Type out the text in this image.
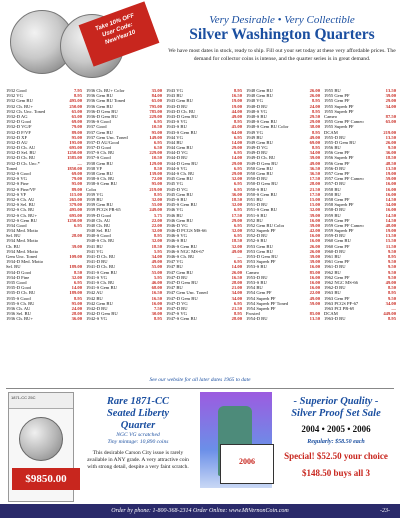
Take 10% OFF
User Code:
NewYear10
Very Desirable • Very Collectible
Silver Washington Quarters
We have most dates in stock, ready to ship. Fill out your set today at these very affordable prices. The demand for collector coins is intense, and the quarter series is in great demand.
1932 Good	7.95
1932 VG	8.95
1932 Gem BU	495.00
1932 Ch. BU+	250.00
1932 Ch. Unc. Toned	65.00
1932-D AG	65.00
1932-D Good	69.00
1932-D VG/F	79.00
1932-D F/VF	89.00
1932-D XF	95.00
1932-D AU	195.00
1932-D Ch. AU	695.00
1932-D Sel. BU	1250.00
1932-D Ch. BU	1585.00
1932-D Ch. Unc.*	—
Toned	1850.00
1932-S Good	69.00
1932-S VG	79.00
1932-S Fine	95.00
1932-S Fine/VF	89.00
1932-S VF	115.00
1932-S Ch. AU	265.00
1932-S Sel. BU	379.00
1932-S Ch. BU	495.00
1932-S Ch. BU+	695.00
1932-S Gem BU	1250.00
1934 Good	6.95
1934 Med. Motto
Sel. BU	28.00
1934 Med. Motto
Ch. BU	39.00
1934 Med. Motto
Gem Unc. Toned	109.00
1934-D Med. Motto
Sel. BU	189.00
1934-D Good	8.50
1934-D Fine	32.00
1935 Good	6.95
1935-D Good	14.00
1935-D Ch. BU	189.00
1935-S Good	8.95
1935-S Ch. BU	95.00
1936 Ch. AU	24.00
1936 Sel. BU	28.00
1936 Ch. BU+	36.00
1936 Ch. BU+ Color	35.00
1936 Gem BU	84.00
1936 Gem BU Toned	65.00
1936 Gem BU	795.00
1936-D Gem BU	785.00
1936-D Gem BU	229.00
1936-S Good	6.95
1937 Good	10.50
1937 Gem BU	95.00
1937 Gem Unc. Toned	149.00
1937-D AU/Good	6.95
1937-D Good	6.50
1937-S Ch. BU	229.00
1937-S Good	10.50
1938 Gem BU	129.00
1938 VF	8.50
1938 Gem BU	139.00
1938-S Ch. BU	72.00
1938-S Gem BU	95.00
Color	219.00
1939 VG	8.95
1939 BU	32.00
1939 Gem BU	55.00
1939 PCGS PR-65	249.00
1939-D Good	5.75
1940 Ch. AU	22.00
1940 Ch. BU	22.00
1940 Sel. BU	32.00
1940-S Good	8.95
1940-S Ch. BU	32.00
1941 BU	18.50
1941 VG	5.95
1941-D Ch. BU	34.00
1941-D BU	49.00
1941-D Ch. BU	55.00
1941-S Gem BU	55.00
1941-S VG	5.95
1941-S Ch. BU	46.00
1941-S Gem BU	68.00
1942 AU	16.50
1942 BU	16.50
1942 Gem BU	16.00
1942-D BU	7.50
1942-D Gem BU	30.00
1942-S VG	8.95
1943 VG	8.95
1943 BU	16.50
1943 Gem BU	19.00
1943-D BU	19.00
1943-D Ch. BU	44.00
1943-D Gem BU	49.00
1943-S VG	8.95
1943-S BU	45.00
1943-S Gem BU	64.00
1944 VG	6.95
1944 BU	14.00
1944 Gem BU	29.00
1944-D VG	6.95
1944-D BU	14.00
1944-D Gem BU	29.00
1944-S VG	6.95
1944-S Ch. BU	29.00
1945 Gem BU	32.00
1945 VG	6.95
1945-D VG	6.95
1945 Gem BU	36.00
1945-S BU	18.50
1945-S Gem BU	32.00
1946 VG	6.95
1946 BU	17.50
1946 Gem BU	29.00
1946-D VG	6.95
1946-D PCGS MS-66	32.00
1946-S VG	6.95
1946-S BU	18.50
1946-S Gem BU	32.00
1946-S NGC MS-67	49.00
1946-S Ch. BU	—
1947 VG	6.95
1947 BU	14.00
1947 Gem BU	26.00
1947-D BU	16.50
1947-D Gem BU	28.00
1947 BU	21.00
1947 Gem Unc. Toned	34.00
1947-D Gem BU	34.00
1947-D VG	6.95
1947-D BU	21.50
1947-S VG	8.95
1947-S Gem BU	28.00
1948 Gem BU	26.00
1948 Gem BU	26.00
1948 VG	8.95
1948-D BU	24.00
1948-S VG	8.95
1948-S BU	29.50
1948-S Gem BU	29.00
1948-S Gem BU Color	38.00
1949 VG	8.95
1949 BU	49.00
1949 Gem BU	69.00
1949-D VG	8.95
1949-D BU	34.00
1949-D Ch. BU	39.00
1949-D Gem BU	49.00
1950 Gem BU	36.50
1950 Gem BU	36.50
1950-D BU	17.50
1950-D Gem BU	28.00
1950-S BU	21.50
1950-S Gem BU	17.50
1951 BU	15.00
1951-D BU	15.00
1951-S Gem BU	32.00
1951-S BU	39.00
1952 BU	16.00
1952 Gem BU Color	39.00
1952 Superb PF	42.00
1952-D BU	16.00
1952-S BU	16.00
1953 Gem BU	26.00
1953 Gem BU	26.00
1953-D Gem BU	39.00
1953 Superb PF	39.00
1953-S BU	16.00
Cameo	85.00
1953-D BU	16.00
1953-S BU	16.00
1954 BU	16.00
1954 Gem PF	22.00
1954 Superb PF	49.00
1954 Superb PF Toned	59.00
1954 Superb PF
Frosted	85.00
1954-D BU	13.50
1955 BU	13.50
1955 Gem PF	39.00
1955 Gem PF	29.00
1955 Superb PF	34.00
1955 Superb PF
Cameo	87.50
1955 Gem PF Cameo	65.00
1955 Superb PF
DCAM	219.00
1955-D BU	13.50
1955-D Gem BU	26.00
1956 BU	9.50
1956 Gem PF	36.00
1956 Superb PF	18.50
1956 Gem PF	48.50
1956-D BU	13.50
1957 Gem PF	19.00
1957 Gem PF Cameo	59.00
1957-D BU	16.00
1958 BU	16.00
1958 BU	16.00
1958 Gem PF	14.50
1958 Superb PF	34.00
1958-D BU	16.00
1959 BU	14.50
1959 Gem PF	14.50
1959 Gem PF Cameo	48.00
1959 Superb PF	19.00
1959-D BU	13.50
1960 Gem BU	15.50
1960 Gem PF	11.50
1960-D BU	9.50
1961 BU	8.95
1961 Gem PF	9.50
1961-D BU	9.50
1962 BU	9.50
1962 Gem PF	9.50
1962 NGC MS-66	49.00
1962-D BU	8.50
1963 BU	8.95
1963 Gem PF	9.50
1963 PCGS PF-67	34.00
1963 PCI PR-69	—
DCAM	449.00
1963-D BU	8.95
See our website for all later dates 1965 to date
1871-CC 25C
$9850.00
Rare 1871-CC
Seated Liberty
Quarter
NGC VG scratched
Tiny mintage: 10,890 coins
This desirable Carson City issue is rarely available in ANY grade. A very attractive coin with strong detail, despite a very faint scratch.
2006
- Superior Quality -
Silver Proof Set Sale
2004 • 2005 • 2006
Regularly: $58.50 each
Special! $52.50 your choice
$148.50 buys all 3
Order by phone: 1-800-368-2314 Order Online: www.MtVernonCoin.com	-23-
